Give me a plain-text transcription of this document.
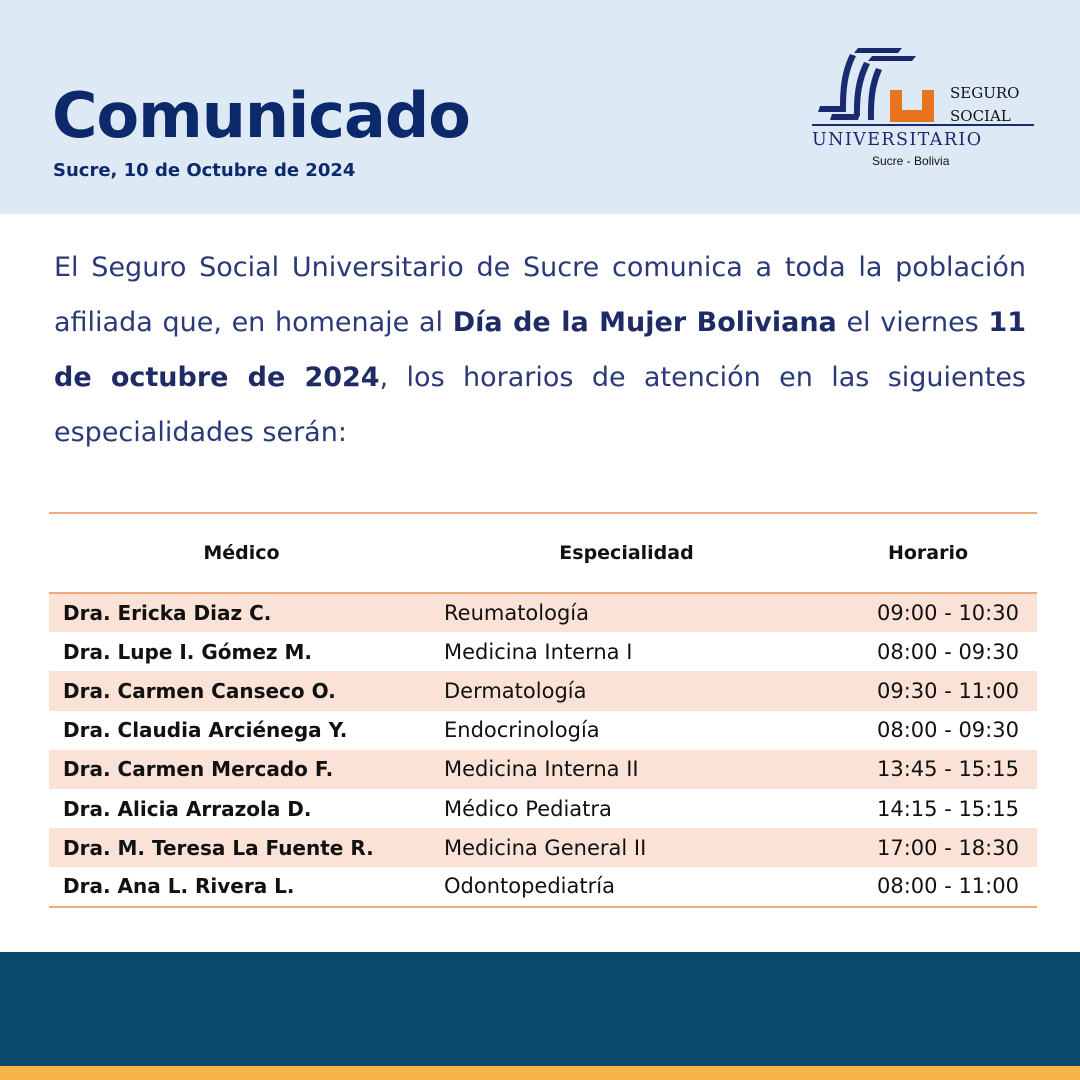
Comunicado
Sucre, 10 de Octubre de 2024
SEGURO
SOCIAL
UNIVERSITARIO
Sucre - Bolivia

El Seguro Social Universitario de Sucre comunica a toda la población afiliada que, en homenaje al Día de la Mujer Boliviana el viernes 11 de octubre de 2024, los horarios de atención en las siguientes especialidades serán:

Médico	Especialidad	Horario
Dra. Ericka Diaz C.	Reumatología	09:00 - 10:30
Dra. Lupe I. Gómez M.	Medicina Interna I	08:00 - 09:30
Dra. Carmen Canseco O.	Dermatología	09:30 - 11:00
Dra. Claudia Arciénega Y.	Endocrinología	08:00 - 09:30
Dra. Carmen Mercado F.	Medicina Interna II	13:45 - 15:15
Dra. Alicia Arrazola D.	Médico Pediatra	14:15 - 15:15
Dra. M. Teresa La Fuente R.	Medicina General II	17:00 - 18:30
Dra. Ana L. Rivera L.	Odontopediatría	08:00 - 11:00
